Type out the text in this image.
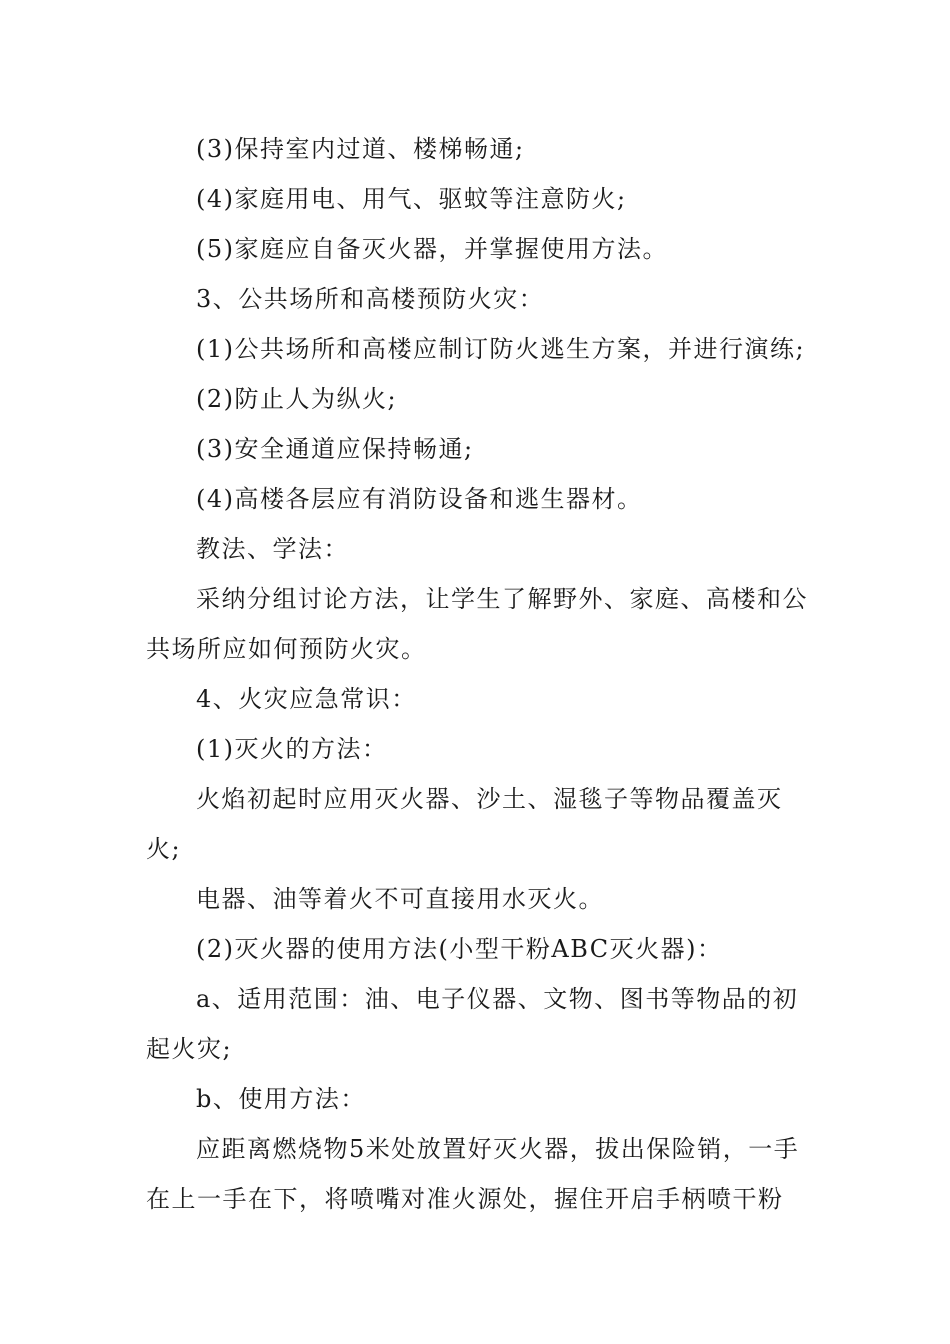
(3)保持室内过道、楼梯畅通;

(4)家庭用电、用气、驱蚊等注意防火;

(5)家庭应自备灭火器，并掌握使用方法。

3、公共场所和高楼预防火灾：

(1)公共场所和高楼应制订防火逃生方案，并进行演练;

(2)防止人为纵火;

(3)安全通道应保持畅通;

(4)高楼各层应有消防设备和逃生器材。

教法、学法：

采纳分组讨论方法，让学生了解野外、家庭、高楼和公共场所应如何预防火灾。

4、火灾应急常识：

(1)灭火的方法：

火焰初起时应用灭火器、沙土、湿毯子等物品覆盖灭火;

电器、油等着火不可直接用水灭火。

(2)灭火器的使用方法(小型干粉ABC灭火器)：

a、适用范围：油、电子仪器、文物、图书等物品的初起火灾;

b、使用方法：

应距离燃烧物5米处放置好灭火器，拔出保险销，一手在上一手在下，将喷嘴对准火源处，握住开启手柄喷干粉
